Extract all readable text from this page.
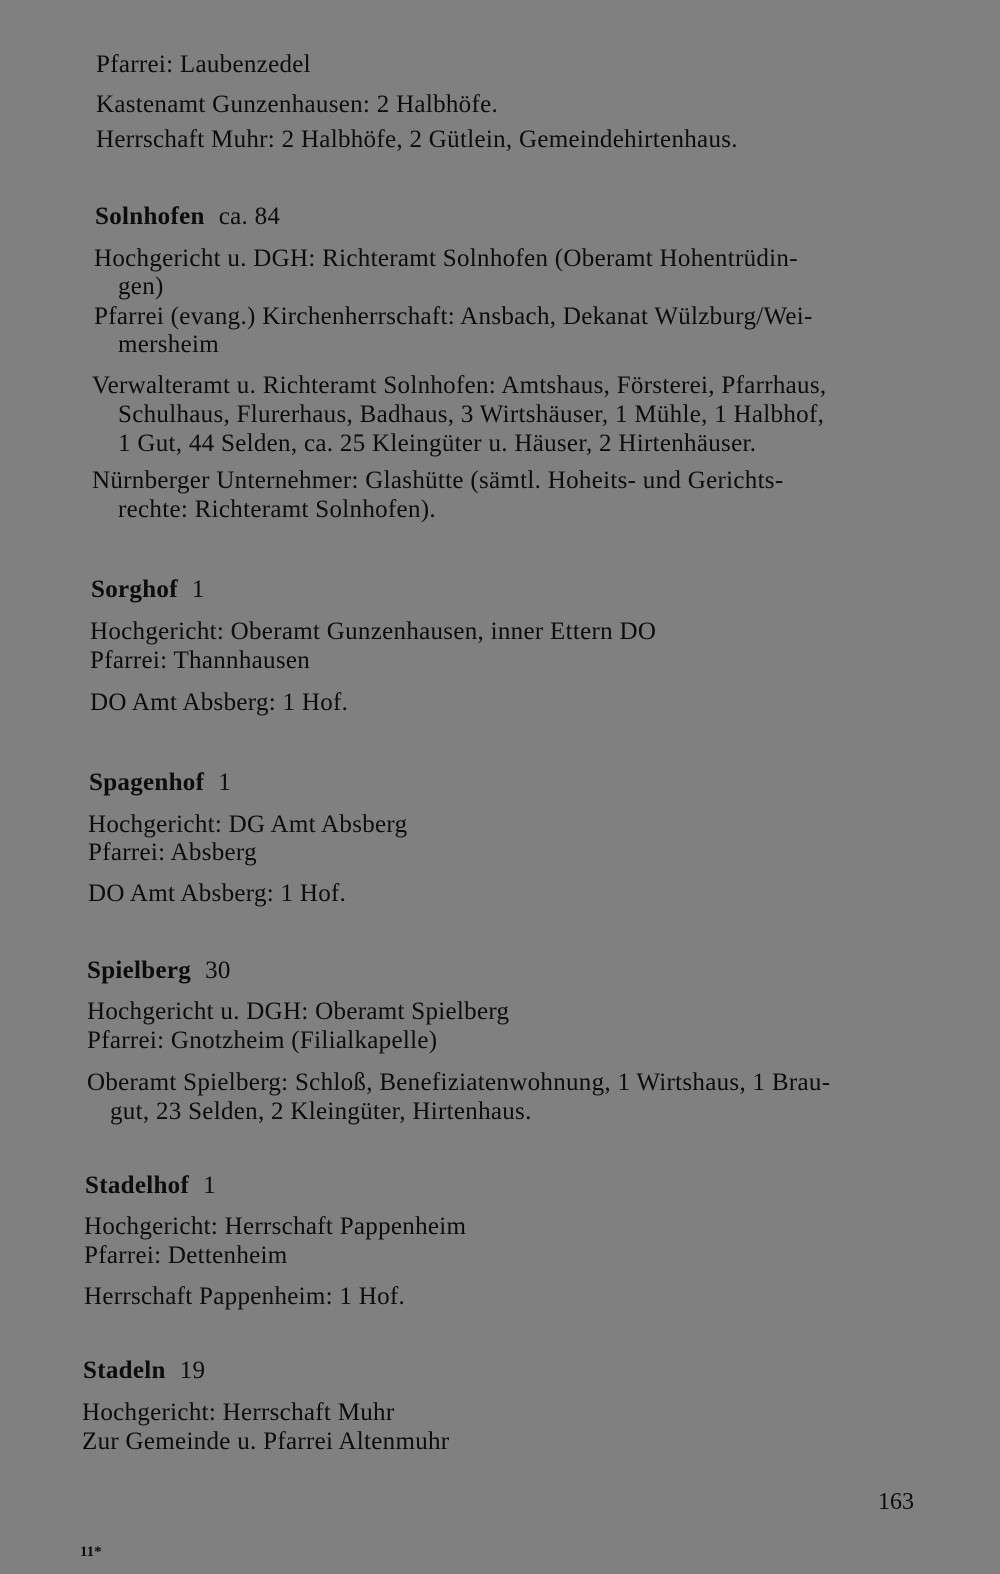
Pfarrei: Laubenzedel
Kastenamt Gunzenhausen: 2 Halbhöfe.
Herrschaft Muhr: 2 Halbhöfe, 2 Gütlein, Gemeindehirtenhaus.
Solnhofen ca. 84
Hochgericht u. DGH: Richteramt Solnhofen (Oberamt Hohentrüdin-
gen)
Pfarrei (evang.) Kirchenherrschaft: Ansbach, Dekanat Wülzburg/Wei-
mersheim
Verwalteramt u. Richteramt Solnhofen: Amtshaus, Försterei, Pfarrhaus,
Schulhaus, Flurerhaus, Badhaus, 3 Wirtshäuser, 1 Mühle, 1 Halbhof,
1 Gut, 44 Selden, ca. 25 Kleingüter u. Häuser, 2 Hirtenhäuser.
Nürnberger Unternehmer: Glashütte (sämtl. Hoheits- und Gerichts-
rechte: Richteramt Solnhofen).
Sorghof 1
Hochgericht: Oberamt Gunzenhausen, inner Ettern DO
Pfarrei: Thannhausen
DO Amt Absberg: 1 Hof.
Spagenhof 1
Hochgericht: DG Amt Absberg
Pfarrei: Absberg
DO Amt Absberg: 1 Hof.
Spielberg 30
Hochgericht u. DGH: Oberamt Spielberg
Pfarrei: Gnotzheim (Filialkapelle)
Oberamt Spielberg: Schloß, Benefiziatenwohnung, 1 Wirtshaus, 1 Brau-
gut, 23 Selden, 2 Kleingüter, Hirtenhaus.
Stadelhof 1
Hochgericht: Herrschaft Pappenheim
Pfarrei: Dettenheim
Herrschaft Pappenheim: 1 Hof.
Stadeln 19
Hochgericht: Herrschaft Muhr
Zur Gemeinde u. Pfarrei Altenmuhr
163
11*
